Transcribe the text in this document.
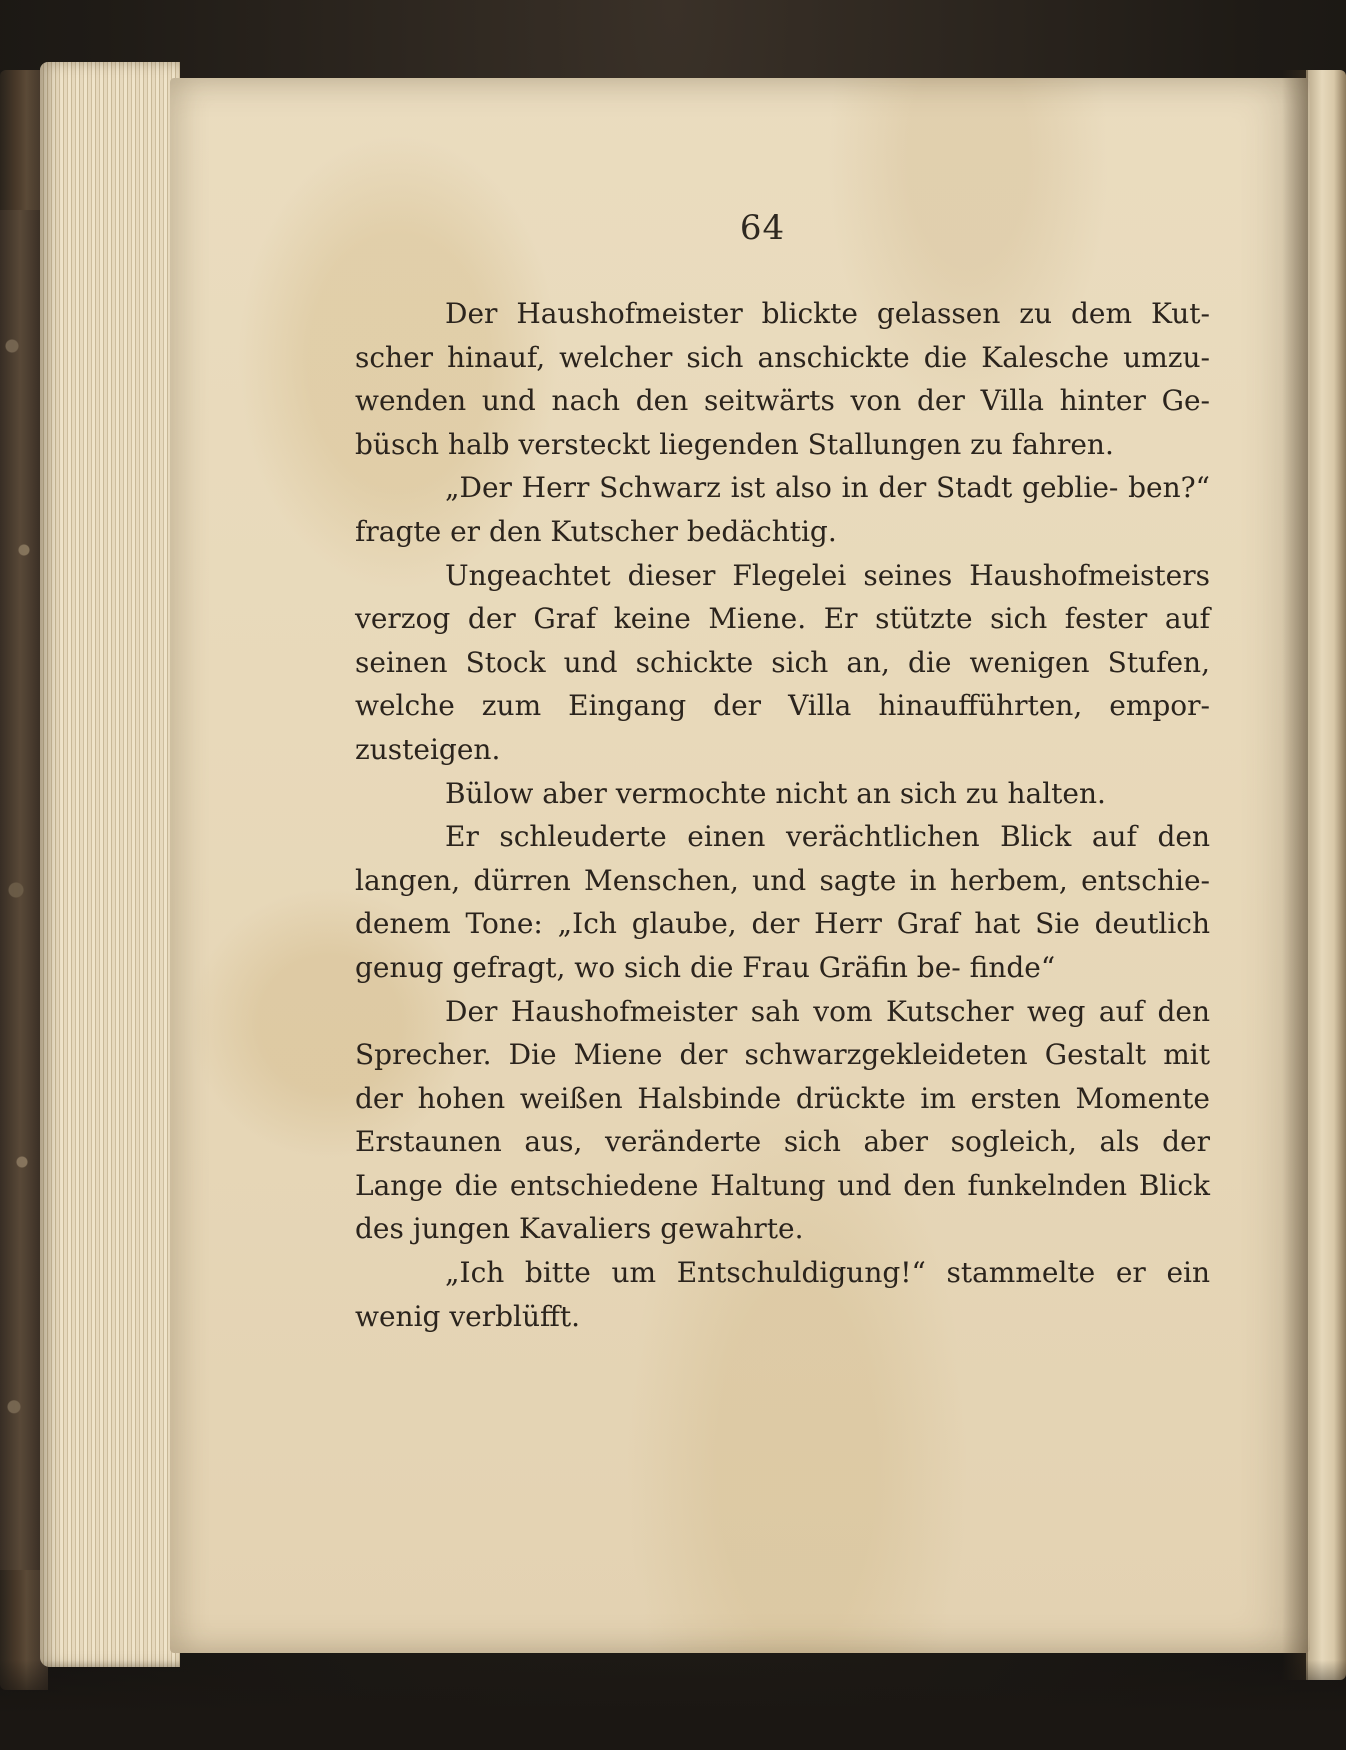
64

Der Haushofmeister blickte gelassen zu dem Kut- scher hinauf, welcher sich anschickte die Kalesche umzu- wenden und nach den seitwärts von der Villa hinter Ge- büsch halb versteckt liegenden Stallungen zu fahren.

„Der Herr Schwarz ist also in der Stadt geblie- ben?“ fragte er den Kutscher bedächtig.

Ungeachtet dieser Flegelei seines Haushofmeisters verzog der Graf keine Miene. Er stützte sich fester auf seinen Stock und schickte sich an, die wenigen Stufen, welche zum Eingang der Villa hinaufführten, empor- zusteigen.

Bülow aber vermochte nicht an sich zu halten.

Er schleuderte einen verächtlichen Blick auf den langen, dürren Menschen, und sagte in herbem, entschie- denem Tone: „Ich glaube, der Herr Graf hat Sie deutlich genug gefragt, wo sich die Frau Gräfin be- finde“

Der Haushofmeister sah vom Kutscher weg auf den Sprecher. Die Miene der schwarzgekleideten Gestalt mit der hohen weißen Halsbinde drückte im ersten Momente Erstaunen aus, veränderte sich aber sogleich, als der Lange die entschiedene Haltung und den funkelnden Blick des jungen Kavaliers gewahrte.

„Ich bitte um Entschuldigung!“ stammelte er ein wenig verblüfft.
